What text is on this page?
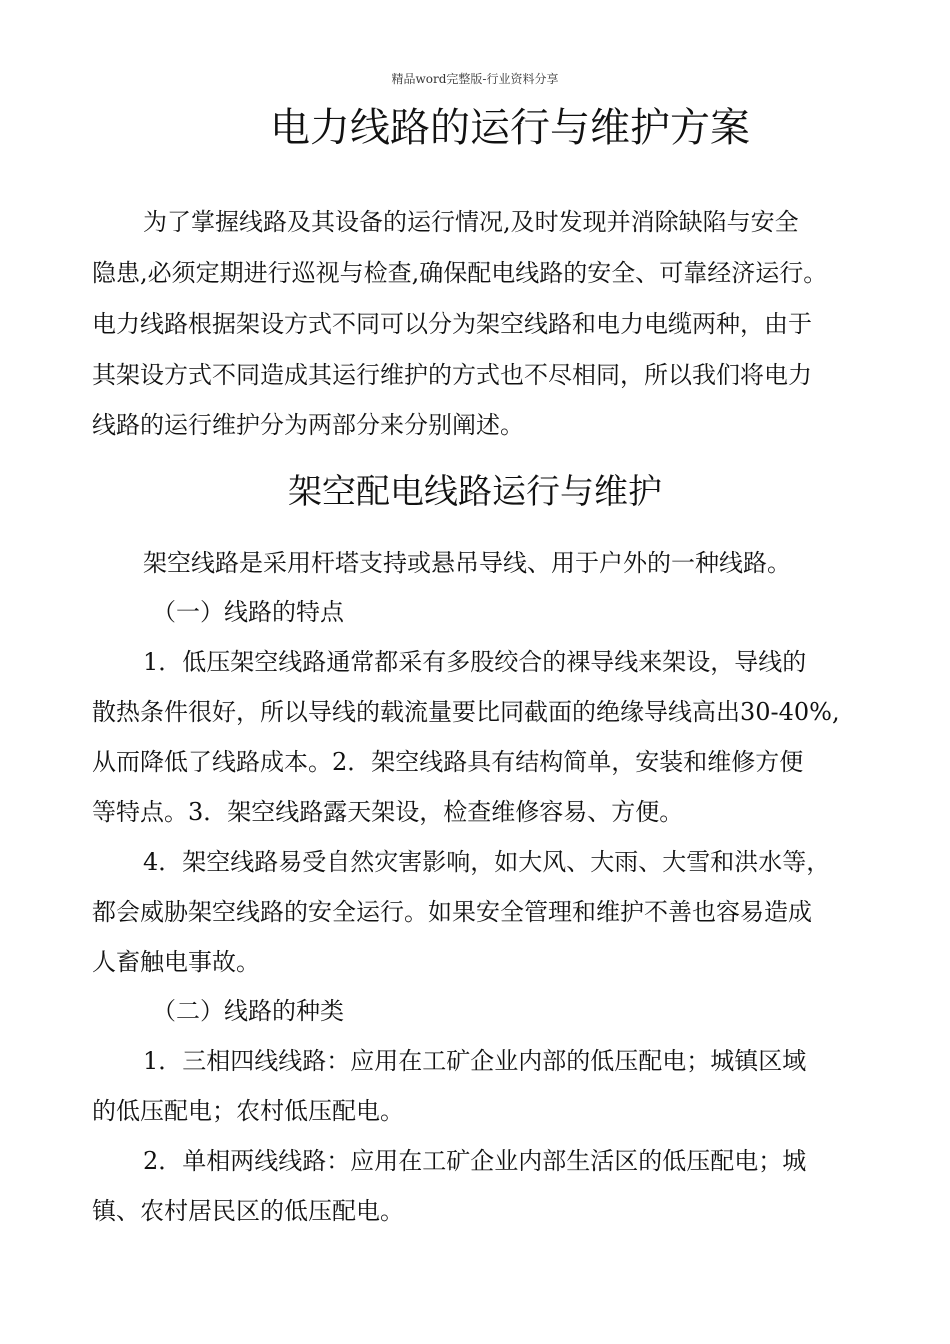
精品word完整版-行业资料分享
电力线路的运行与维护方案
为了掌握线路及其设备的运行情况,及时发现并消除缺陷与安全
隐患,必须定期进行巡视与检查,确保配电线路的安全、可靠经济运行。
电力线路根据架设方式不同可以分为架空线路和电力电缆两种，由于
其架设方式不同造成其运行维护的方式也不尽相同，所以我们将电力
线路的运行维护分为两部分来分别阐述。
架空配电线路运行与维护
架空线路是采用杆塔支持或悬吊导线、用于户外的一种线路。
（一）线路的特点
1．低压架空线路通常都采有多股绞合的裸导线来架设，导线的
散热条件很好，所以导线的载流量要比同截面的绝缘导线高出30-40%,
从而降低了线路成本。2．架空线路具有结构简单，安装和维修方便
等特点。3．架空线路露天架设，检查维修容易、方便。
4．架空线路易受自然灾害影响，如大风、大雨、大雪和洪水等，
都会威胁架空线路的安全运行。如果安全管理和维护不善也容易造成
人畜触电事故。
（二）线路的种类
1．三相四线线路：应用在工矿企业内部的低压配电；城镇区域
的低压配电；农村低压配电。
2．单相两线线路：应用在工矿企业内部生活区的低压配电；城
镇、农村居民区的低压配电。
